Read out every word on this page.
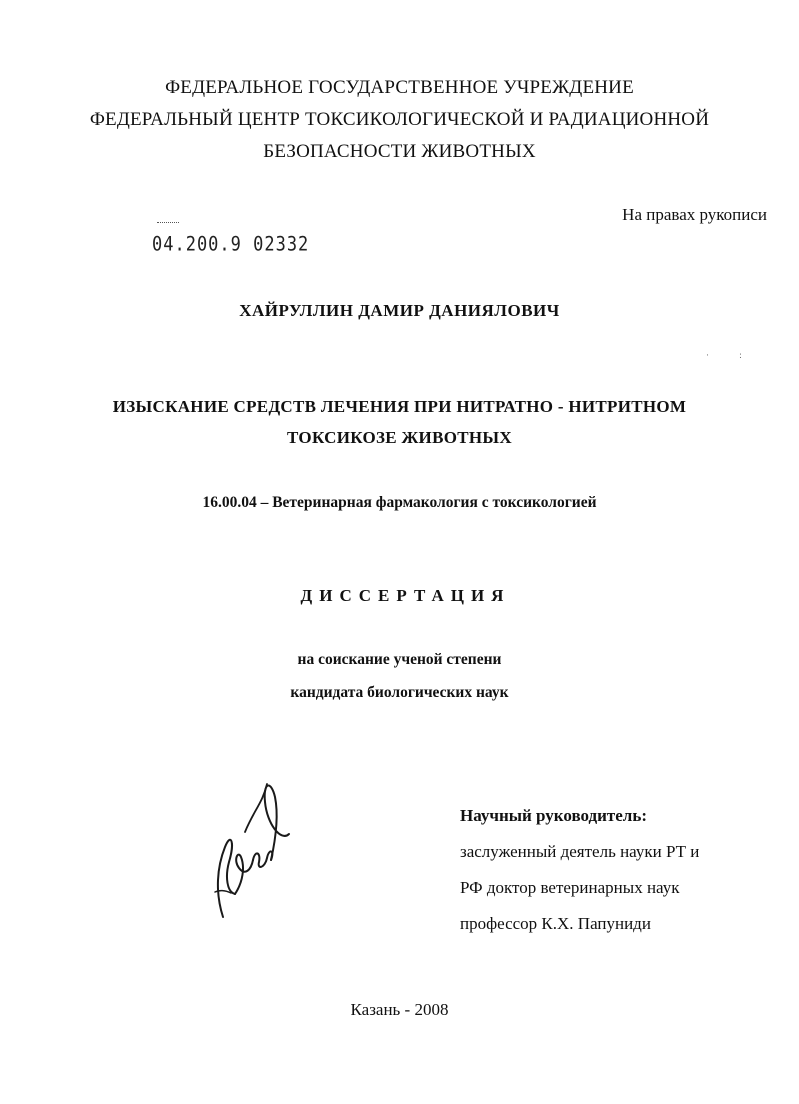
ФЕДЕРАЛЬНОЕ ГОСУДАРСТВЕННОЕ УЧРЕЖДЕНИЕ
ФЕДЕРАЛЬНЫЙ ЦЕНТР ТОКСИКОЛОГИЧЕСКОЙ И РАДИАЦИОННОЙ
БЕЗОПАСНОСТИ ЖИВОТНЫХ
На правах рукописи
04.200.9 02332
ХАЙРУЛЛИН ДАМИР ДАНИЯЛОВИЧ
· :
ИЗЫСКАНИЕ СРЕДСТВ ЛЕЧЕНИЯ ПРИ НИТРАТНО - НИТРИТНОМ
ТОКСИКОЗЕ ЖИВОТНЫХ
16.00.04 – Ветеринарная фармакология с токсикологией
ДИССЕРТАЦИЯ
на соискание ученой степени
кандидата биологических наук
Научный руководитель:
заслуженный деятель науки РТ и
РФ доктор ветеринарных наук
профессор К.Х. Папуниди
Казань - 2008
